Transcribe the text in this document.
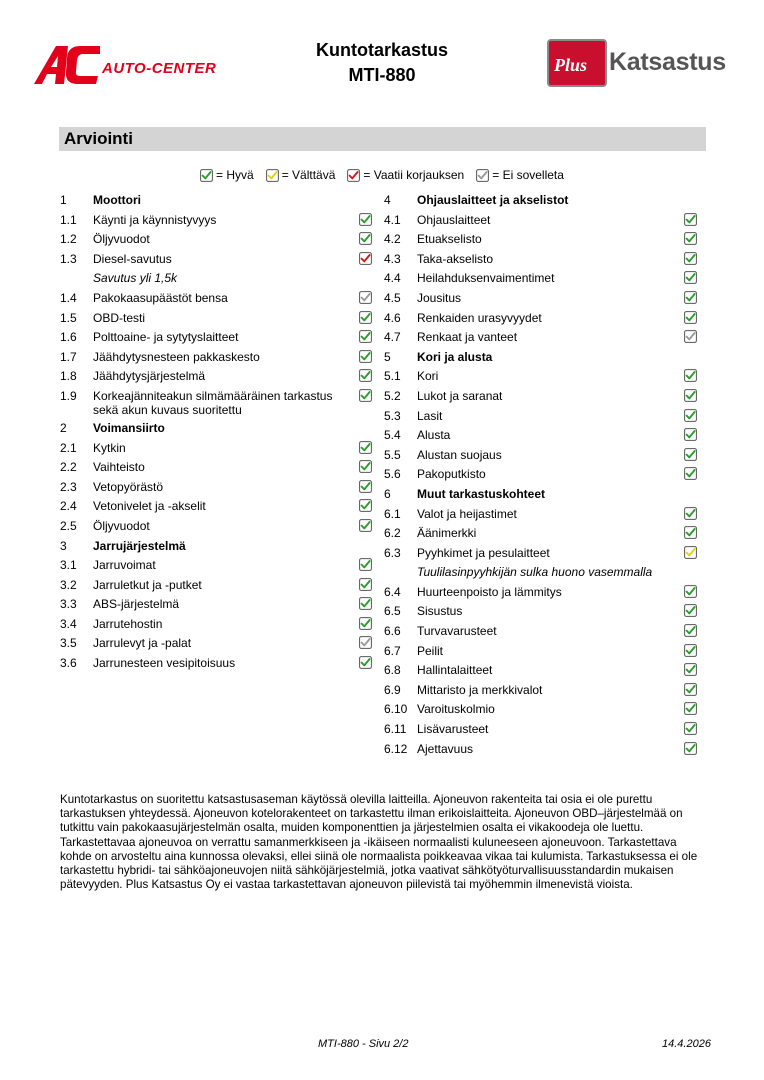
AUTO-CENTER
Kuntotarkastus
MTI-880	Plus Katsastus
Arviointi
= Hyvä = Välttävä = Vaatii korjauksen = Ei sovelleta
1 Moottori
1.1 Käynti ja käynnistyvyys
1.2 Öljyvuodot
1.3 Diesel-savutus
Savutus yli 1,5k
1.4 Pakokaasupäästöt bensa
1.5 OBD-testi
1.6 Polttoaine- ja sytytyslaitteet
1.7 Jäähdytysnesteen pakkaskesto
1.8 Jäähdytysjärjestelmä
1.9 Korkeajänniteakun silmämääräinen tarkastus sekä akun kuvaus suoritettu
2 Voimansiirto
2.1 Kytkin
2.2 Vaihteisto
2.3 Vetopyörästö
2.4 Vetonivelet ja -akselit
2.5 Öljyvuodot
3 Jarrujärjestelmä
3.1 Jarruvoimat
3.2 Jarruletkut ja -putket
3.3 ABS-järjestelmä
3.4 Jarrutehostin
3.5 Jarrulevyt ja -palat
3.6 Jarrunesteen vesipitoisuus
4 Ohjauslaitteet ja akselistot
4.1 Ohjauslaitteet
4.2 Etuakselisto
4.3 Taka-akselisto
4.4 Heilahduksenvaimentimet
4.5 Jousitus
4.6 Renkaiden urasyvyydet
4.7 Renkaat ja vanteet
5 Kori ja alusta
5.1 Kori
5.2 Lukot ja saranat
5.3 Lasit
5.4 Alusta
5.5 Alustan suojaus
5.6 Pakoputkisto
6 Muut tarkastuskohteet
6.1 Valot ja heijastimet
6.2 Äänimerkki
6.3 Pyyhkimet ja pesulaitteet
Tuulilasinpyyhkijän sulka huono vasemmalla
6.4 Huurteenpoisto ja lämmitys
6.5 Sisustus
6.6 Turvavarusteet
6.7 Peilit
6.8 Hallintalaitteet
6.9 Mittaristo ja merkkivalot
6.10 Varoituskolmio
6.11 Lisävarusteet
6.12 Ajettavuus
Kuntotarkastus on suoritettu katsastusaseman käytössä olevilla laitteilla. Ajoneuvon rakenteita tai osia ei ole purettu tarkastuksen yhteydessä. Ajoneuvon kotelorakenteet on tarkastettu ilman erikoislaitteita. Ajoneuvon OBD–järjestelmää on tutkittu vain pakokaasujärjestelmän osalta, muiden komponenttien ja järjestelmien osalta ei vikakoodeja ole luettu. Tarkastettavaa ajoneuvoa on verrattu samanmerkkiseen ja -ikäiseen normaalisti kuluneeseen ajoneuvoon. Tarkastettava kohde on arvosteltu aina kunnossa olevaksi, ellei siinä ole normaalista poikkeavaa vikaa tai kulumista. Tarkastuksessa ei ole tarkastettu hybridi- tai sähköajoneuvojen niitä sähköjärjestelmiä, jotka vaativat sähkötyöturvallisuusstandardin mukaisen pätevyyden. Plus Katsastus Oy ei vastaa tarkastettavan ajoneuvon piilevistä tai myöhemmin ilmenevistä vioista.
MTI-880 - Sivu 2/2	14.4.2026
